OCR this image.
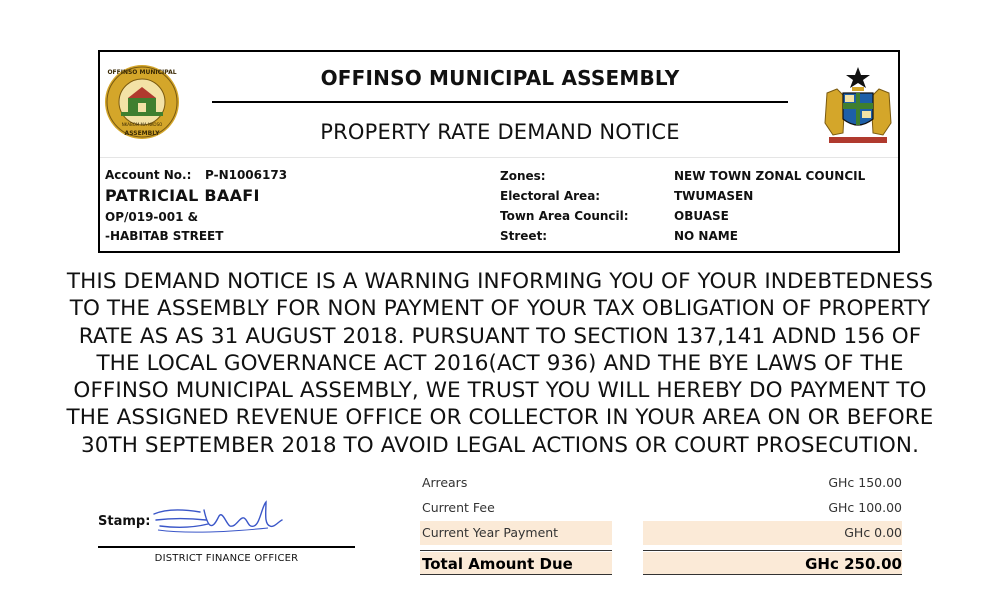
OFFINSO MUNICIPAL
ASSEMBLY
NKABOM MA NKOSO
OFFINSO MUNICIPAL ASSEMBLY
PROPERTY RATE DEMAND NOTICE
Account No.: P-N1006173
PATRICIAL BAAFI
OP/019-001 &
-HABITAB STREET
Zones:	NEW TOWN ZONAL COUNCIL
Electoral Area:	TWUMASEN
Town Area Council:	OBUASE
Street:	NO NAME
THIS DEMAND NOTICE IS A WARNING INFORMING YOU OF YOUR INDEBTEDNESS TO THE ASSEMBLY FOR NON PAYMENT OF YOUR TAX OBLIGATION OF PROPERTY RATE AS AS 31 AUGUST 2018. PURSUANT TO SECTION 137,141 ADND 156 OF THE LOCAL GOVERNANCE ACT 2016(ACT 936) AND THE BYE LAWS OF THE OFFINSO MUNICIPAL ASSEMBLY, WE TRUST YOU WILL HEREBY DO PAYMENT TO THE ASSIGNED REVENUE OFFICE OR COLLECTOR IN YOUR AREA ON OR BEFORE 30TH SEPTEMBER 2018 TO AVOID LEGAL ACTIONS OR COURT PROSECUTION.
Arrears	GHc 150.00
Current Fee	GHc 100.00
Current Year Payment	GHc 0.00
Total Amount Due	GHc 250.00
Stamp:
DISTRICT FINANCE OFFICER
